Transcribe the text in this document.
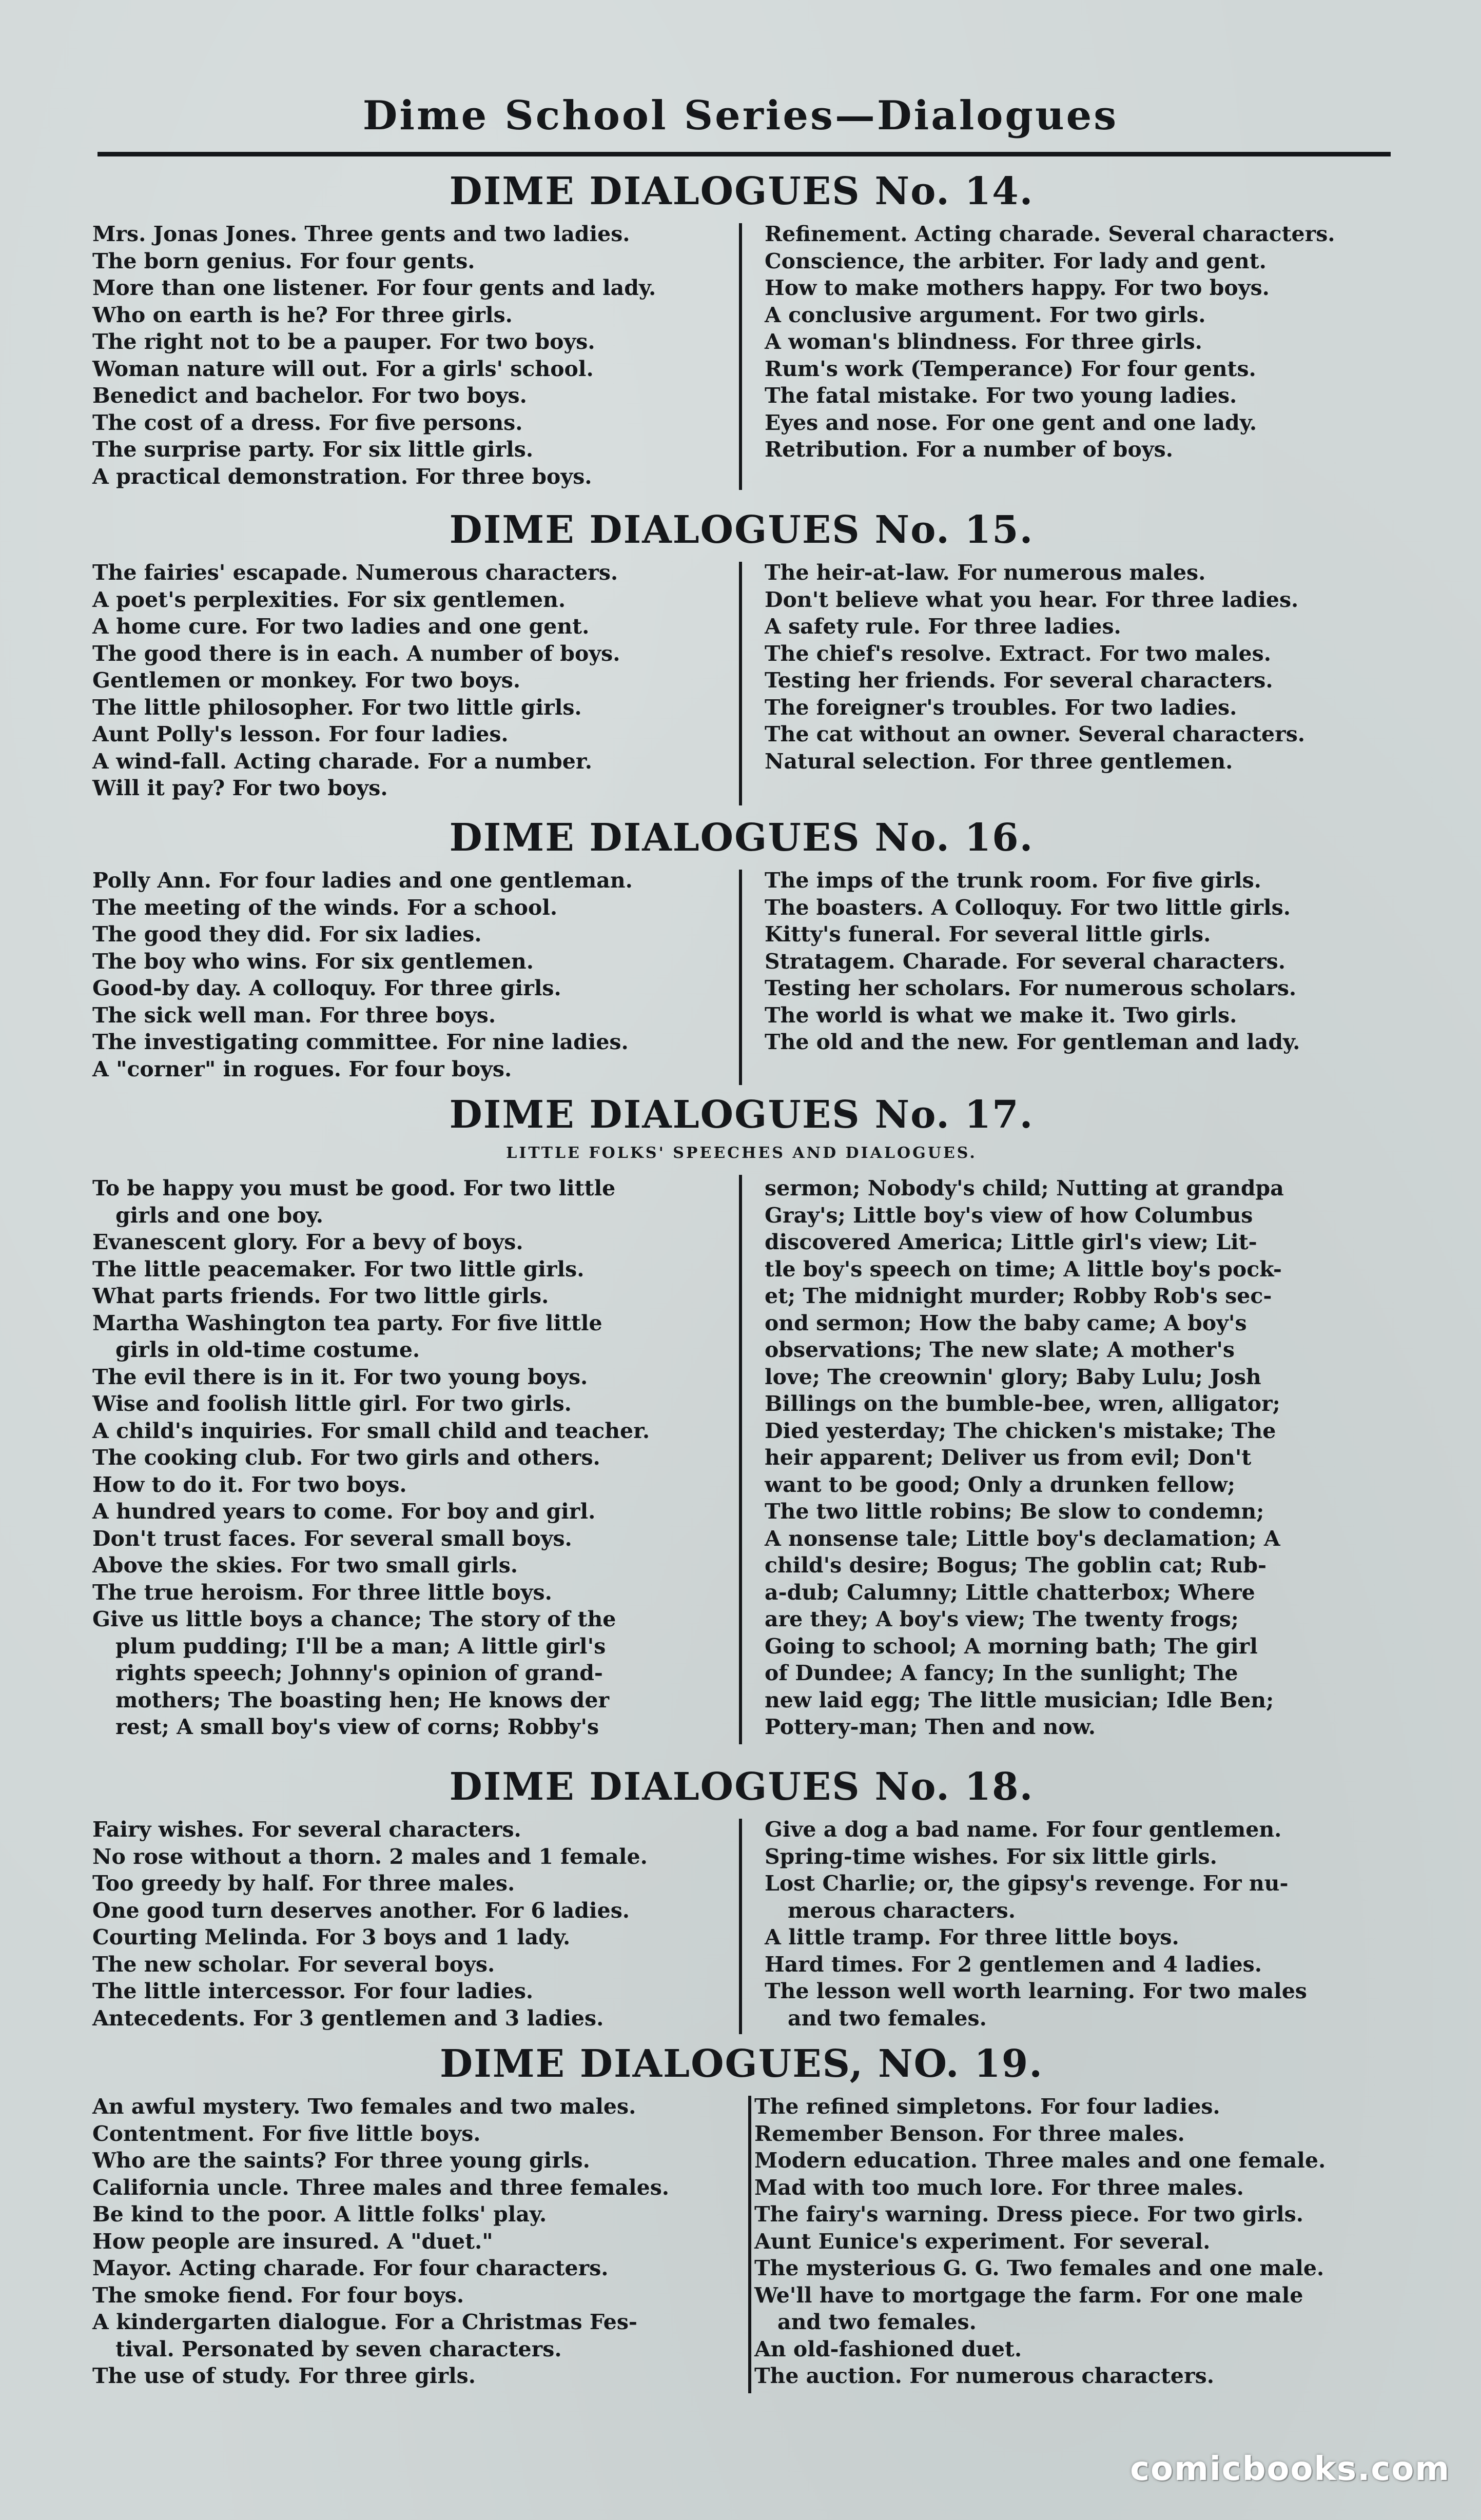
Dime School Series—Dialogues
DIME DIALOGUES No. 14.
Mrs. Jonas Jones. Three gents and two ladies.
The born genius. For four gents.
More than one listener. For four gents and lady.
Who on earth is he? For three girls.
The right not to be a pauper. For two boys.
Woman nature will out. For a girls' school.
Benedict and bachelor. For two boys.
The cost of a dress. For five persons.
The surprise party. For six little girls.
A practical demonstration. For three boys.
Refinement. Acting charade. Several characters.
Conscience, the arbiter. For lady and gent.
How to make mothers happy. For two boys.
A conclusive argument. For two girls.
A woman's blindness. For three girls.
Rum's work (Temperance) For four gents.
The fatal mistake. For two young ladies.
Eyes and nose. For one gent and one lady.
Retribution. For a number of boys.
DIME DIALOGUES No. 15.
The fairies' escapade. Numerous characters.
A poet's perplexities. For six gentlemen.
A home cure. For two ladies and one gent.
The good there is in each. A number of boys.
Gentlemen or monkey. For two boys.
The little philosopher. For two little girls.
Aunt Polly's lesson. For four ladies.
A wind-fall. Acting charade. For a number.
Will it pay? For two boys.
The heir-at-law. For numerous males.
Don't believe what you hear. For three ladies.
A safety rule. For three ladies.
The chief's resolve. Extract. For two males.
Testing her friends. For several characters.
The foreigner's troubles. For two ladies.
The cat without an owner. Several characters.
Natural selection. For three gentlemen.
DIME DIALOGUES No. 16.
Polly Ann. For four ladies and one gentleman.
The meeting of the winds. For a school.
The good they did. For six ladies.
The boy who wins. For six gentlemen.
Good-by day. A colloquy. For three girls.
The sick well man. For three boys.
The investigating committee. For nine ladies.
A "corner" in rogues. For four boys.
The imps of the trunk room. For five girls.
The boasters. A Colloquy. For two little girls.
Kitty's funeral. For several little girls.
Stratagem. Charade. For several characters.
Testing her scholars. For numerous scholars.
The world is what we make it. Two girls.
The old and the new. For gentleman and lady.
DIME DIALOGUES No. 17.
LITTLE FOLKS' SPEECHES AND DIALOGUES.
To be happy you must be good. For two little
girls and one boy.
Evanescent glory. For a bevy of boys.
The little peacemaker. For two little girls.
What parts friends. For two little girls.
Martha Washington tea party. For five little
girls in old-time costume.
The evil there is in it. For two young boys.
Wise and foolish little girl. For two girls.
A child's inquiries. For small child and teacher.
The cooking club. For two girls and others.
How to do it. For two boys.
A hundred years to come. For boy and girl.
Don't trust faces. For several small boys.
Above the skies. For two small girls.
The true heroism. For three little boys.
Give us little boys a chance; The story of the
plum pudding; I'll be a man; A little girl's
rights speech; Johnny's opinion of grand-
mothers; The boasting hen; He knows der
rest; A small boy's view of corns; Robby's
sermon; Nobody's child; Nutting at grandpa
Gray's; Little boy's view of how Columbus
discovered America; Little girl's view; Lit-
tle boy's speech on time; A little boy's pock-
et; The midnight murder; Robby Rob's sec-
ond sermon; How the baby came; A boy's
observations; The new slate; A mother's
love; The creownin' glory; Baby Lulu; Josh
Billings on the bumble-bee, wren, alligator;
Died yesterday; The chicken's mistake; The
heir apparent; Deliver us from evil; Don't
want to be good; Only a drunken fellow;
The two little robins; Be slow to condemn;
A nonsense tale; Little boy's declamation; A
child's desire; Bogus; The goblin cat; Rub-
a-dub; Calumny; Little chatterbox; Where
are they; A boy's view; The twenty frogs;
Going to school; A morning bath; The girl
of Dundee; A fancy; In the sunlight; The
new laid egg; The little musician; Idle Ben;
Pottery-man; Then and now.
DIME DIALOGUES No. 18.
Fairy wishes. For several characters.
No rose without a thorn. 2 males and 1 female.
Too greedy by half. For three males.
One good turn deserves another. For 6 ladies.
Courting Melinda. For 3 boys and 1 lady.
The new scholar. For several boys.
The little intercessor. For four ladies.
Antecedents. For 3 gentlemen and 3 ladies.
Give a dog a bad name. For four gentlemen.
Spring-time wishes. For six little girls.
Lost Charlie; or, the gipsy's revenge. For nu-
merous characters.
A little tramp. For three little boys.
Hard times. For 2 gentlemen and 4 ladies.
The lesson well worth learning. For two males
and two females.
DIME DIALOGUES, NO. 19.
An awful mystery. Two females and two males.
Contentment. For five little boys.
Who are the saints? For three young girls.
California uncle. Three males and three females.
Be kind to the poor. A little folks' play.
How people are insured. A "duet."
Mayor. Acting charade. For four characters.
The smoke fiend. For four boys.
A kindergarten dialogue. For a Christmas Fes-
tival. Personated by seven characters.
The use of study. For three girls.
The refined simpletons. For four ladies.
Remember Benson. For three males.
Modern education. Three males and one female.
Mad with too much lore. For three males.
The fairy's warning. Dress piece. For two girls.
Aunt Eunice's experiment. For several.
The mysterious G. G. Two females and one male.
We'll have to mortgage the farm. For one male
and two females.
An old-fashioned duet.
The auction. For numerous characters.
comicbooks.com
